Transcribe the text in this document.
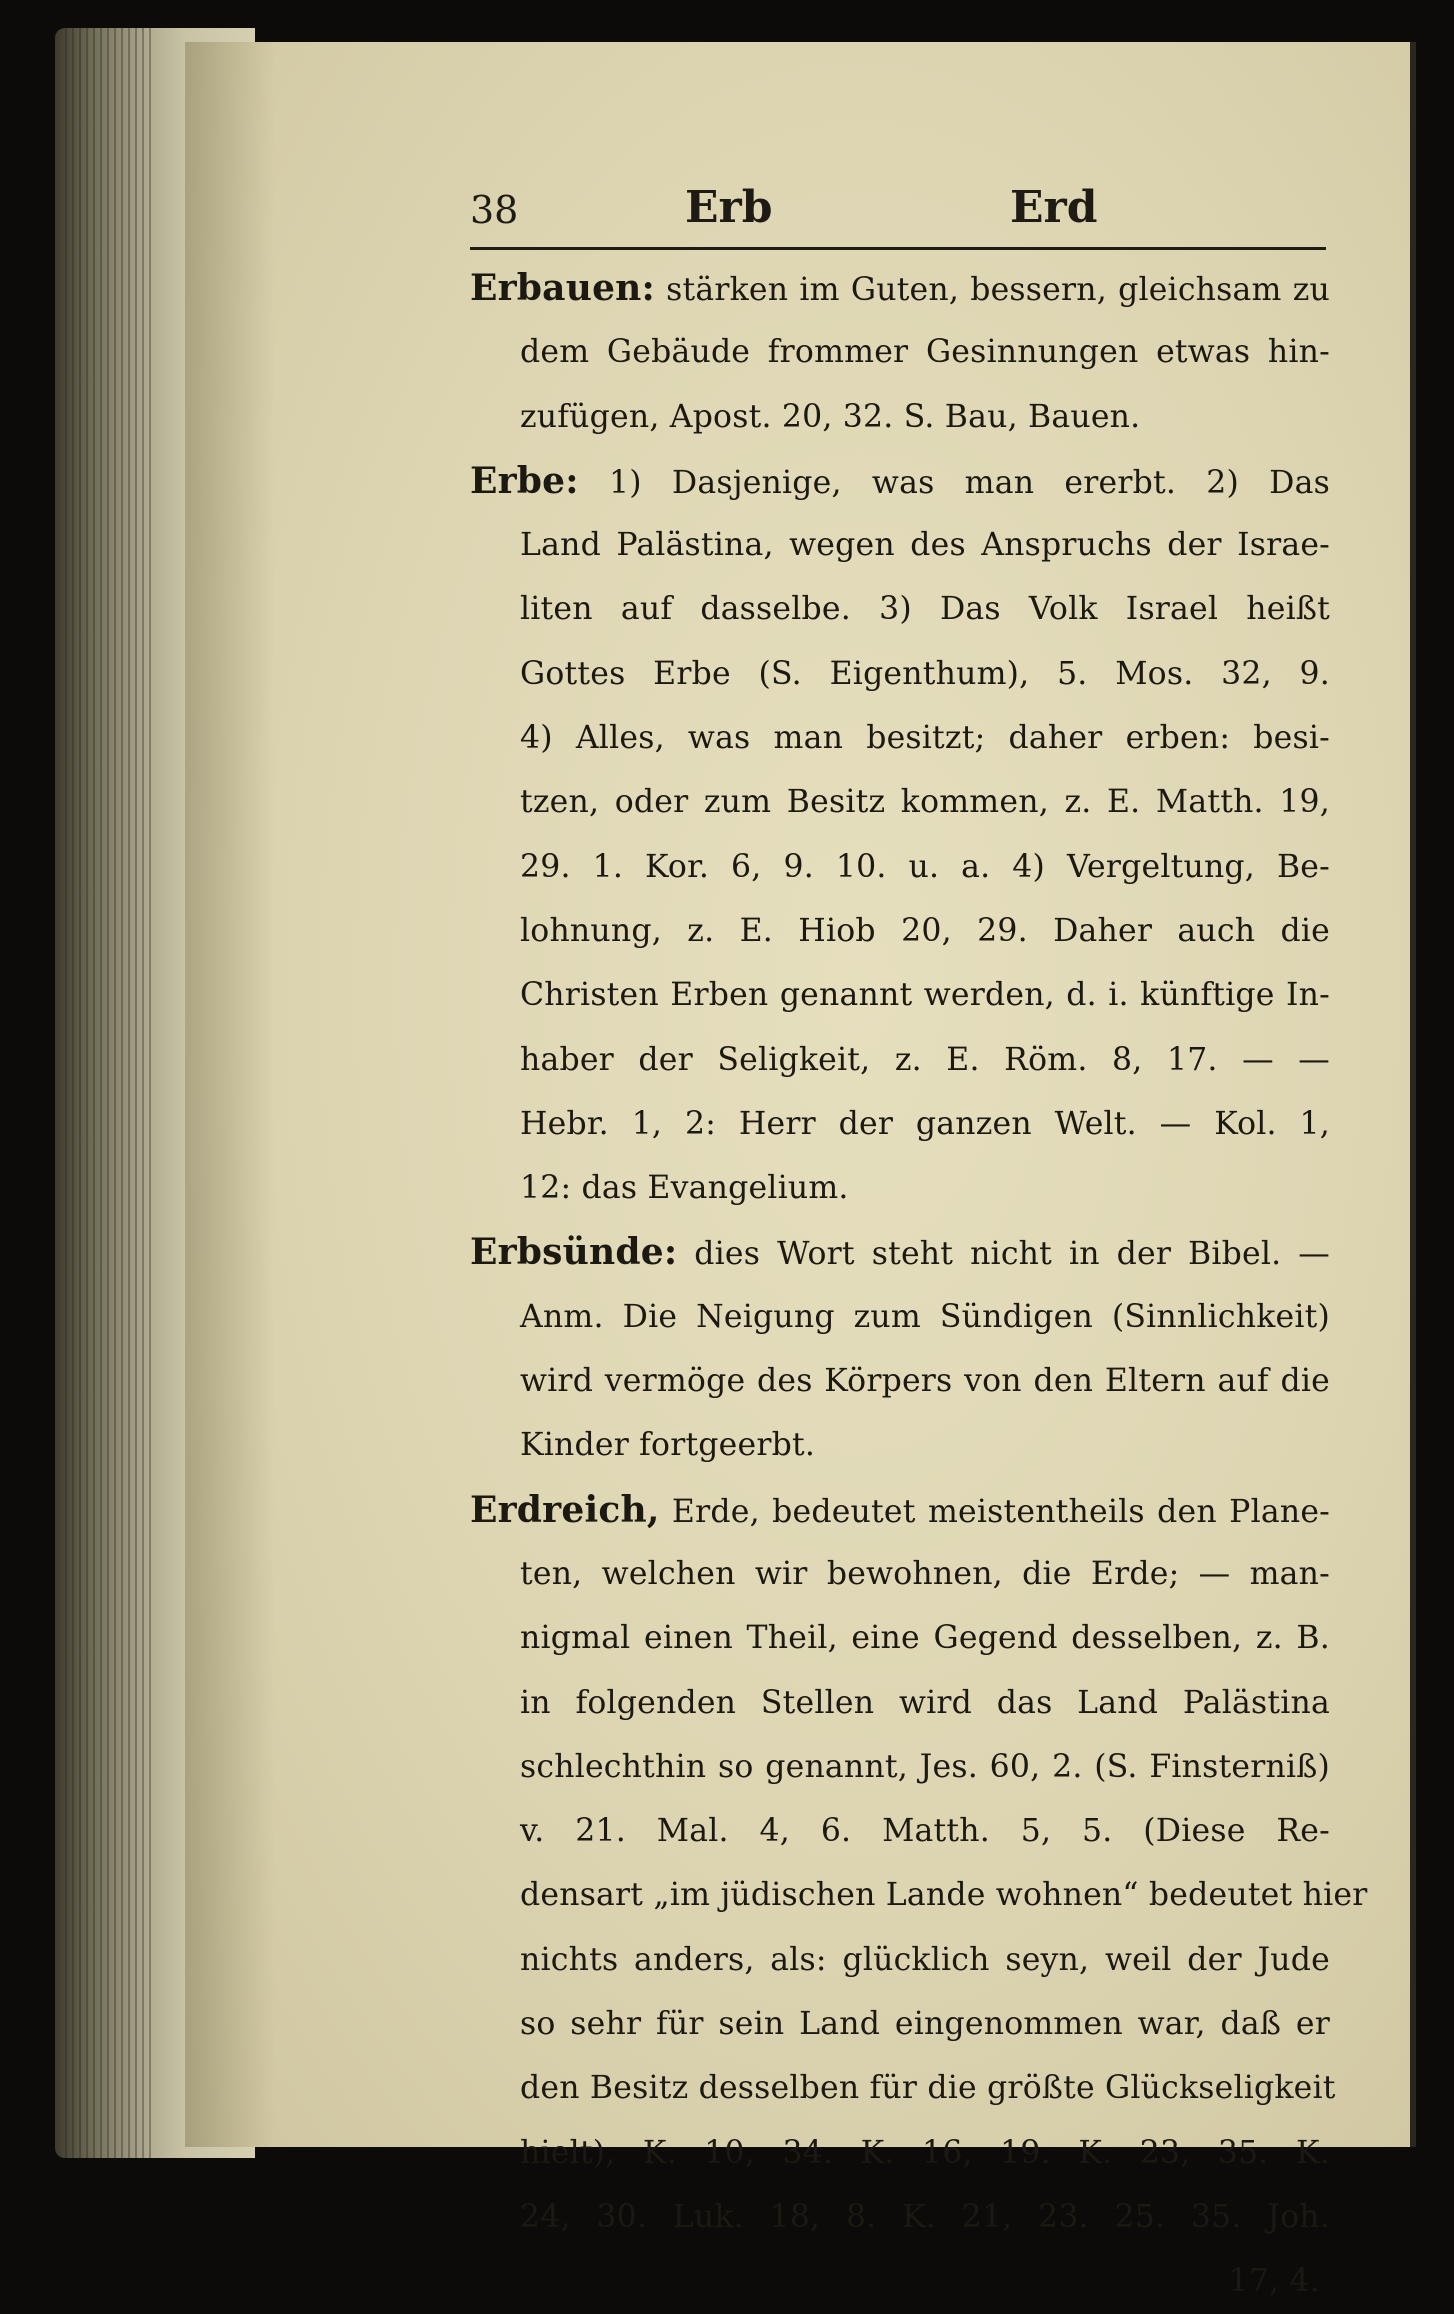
38	Erb	Erd
Erbauen: stärken im Guten, bessern, gleichsam zu
dem Gebäude frommer Gesinnungen etwas hin-
zufügen, Apost. 20, 32. S. Bau, Bauen.
Erbe: 1) Dasjenige, was man ererbt. 2) Das
Land Palästina, wegen des Anspruchs der Israe-
liten auf dasselbe. 3) Das Volk Israel heißt
Gottes Erbe (S. Eigenthum), 5. Mos. 32, 9.
4) Alles, was man besitzt; daher erben: besi-
tzen, oder zum Besitz kommen, z. E. Matth. 19,
29. 1. Kor. 6, 9. 10. u. a. 4) Vergeltung, Be-
lohnung, z. E. Hiob 20, 29. Daher auch die
Christen Erben genannt werden, d. i. künftige In-
haber der Seligkeit, z. E. Röm. 8, 17. — —
Hebr. 1, 2: Herr der ganzen Welt. — Kol. 1,
12: das Evangelium.
Erbsünde: dies Wort steht nicht in der Bibel. —
Anm. Die Neigung zum Sündigen (Sinnlichkeit)
wird vermöge des Körpers von den Eltern auf die
Kinder fortgeerbt.
Erdreich, Erde, bedeutet meistentheils den Plane-
ten, welchen wir bewohnen, die Erde; — man-
nigmal einen Theil, eine Gegend desselben, z. B.
in folgenden Stellen wird das Land Palästina
schlechthin so genannt, Jes. 60, 2. (S. Finsterniß)
v. 21. Mal. 4, 6. Matth. 5, 5. (Diese Re-
densart „im jüdischen Lande wohnen“ bedeutet hier
nichts anders, als: glücklich seyn, weil der Jude
so sehr für sein Land eingenommen war, daß er
den Besitz desselben für die größte Glückseligkeit
hielt), K. 10, 34. K. 16, 19. K. 23, 35. K.
24, 30. Luk. 18, 8. K. 21, 23. 25. 35. Joh.
17, 4.
